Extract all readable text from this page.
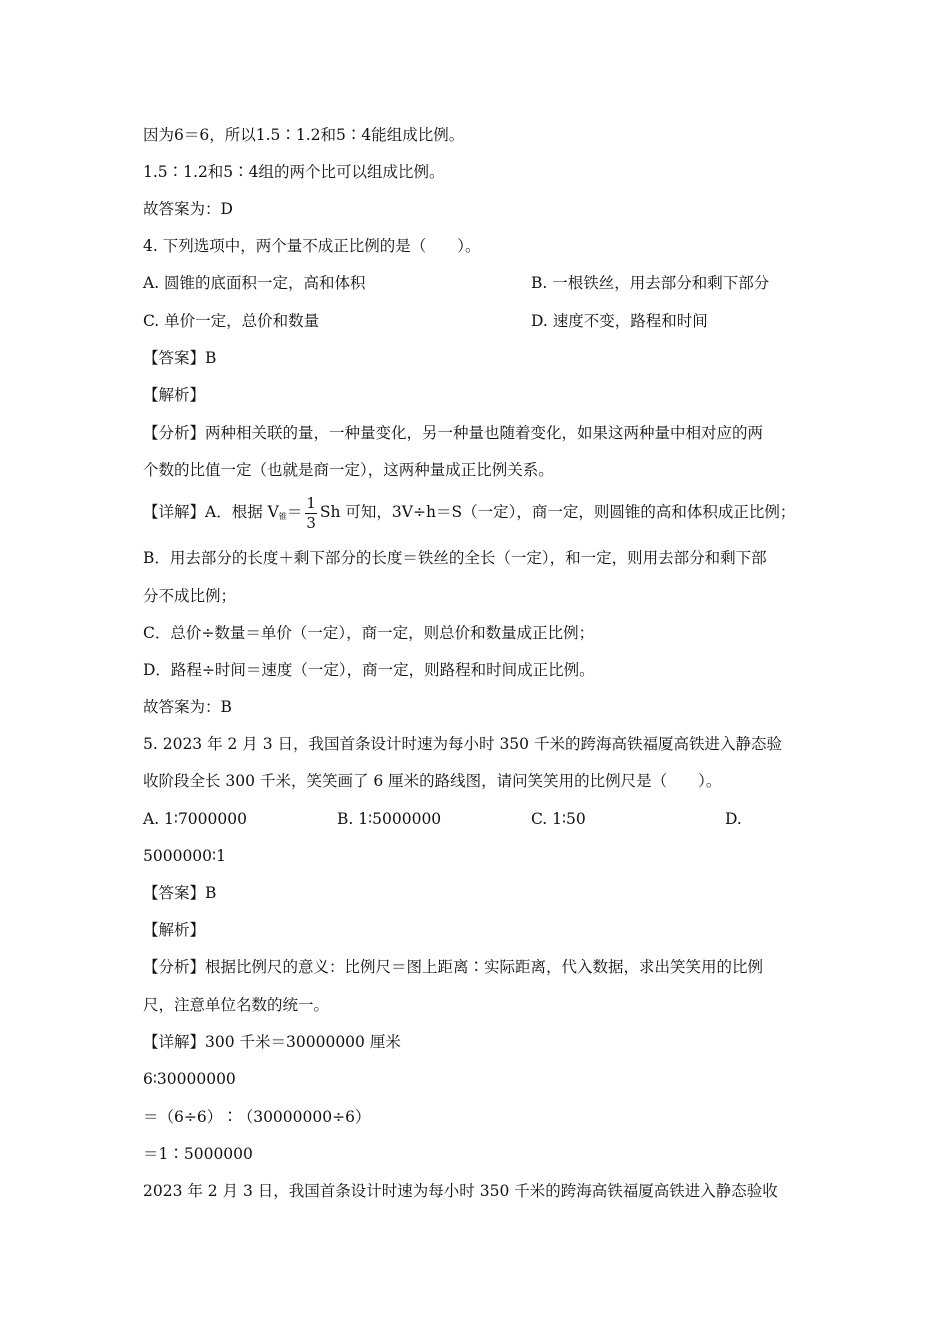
因为6＝6，所以1.5∶1.2和5∶4能组成比例。
1.5∶1.2和5∶4组的两个比可以组成比例。
故答案为：D
4. 下列选项中，两个量不成正比例的是（　　）。
A. 圆锥的底面积一定，高和体积	B. 一根铁丝，用去部分和剩下部分
C. 单价一定，总价和数量	D. 速度不变，路程和时间
【答案】B
【解析】
【分析】两种相关联的量，一种量变化，另一种量也随着变化，如果这两种量中相对应的两
个数的比值一定（也就是商一定），这两种量成正比例关系。
【详解】A．根据 $V_锥= \frac{1}{3}$ Sh 可知，3V÷h＝S（一定），商一定，则圆锥的高和体积成正比例；
B．用去部分的长度＋剩下部分的长度＝铁丝的全长（一定），和一定，则用去部分和剩下部
分不成比例；
C．总价÷数量＝单价（一定），商一定，则总价和数量成正比例；
D．路程÷时间＝速度（一定），商一定，则路程和时间成正比例。
故答案为：B
5. 2023 年 2 月 3 日，我国首条设计时速为每小时 350 千米的跨海高铁福厦高铁进入静态验
收阶段全长 300 千米，笑笑画了 6 厘米的路线图，请问笑笑用的比例尺是（　　）。
A. 1∶7000000	B. 1∶5000000	C. 1∶50	D.
5000000∶1
【答案】B
【解析】
【分析】根据比例尺的意义：比例尺＝图上距离∶实际距离，代入数据，求出笑笑用的比例
尺，注意单位名数的统一。
【详解】300 千米＝30000000 厘米
6∶30000000
＝（6÷6）∶（30000000÷6）
＝1∶5000000
2023 年 2 月 3 日，我国首条设计时速为每小时 350 千米的跨海高铁福厦高铁进入静态验收
